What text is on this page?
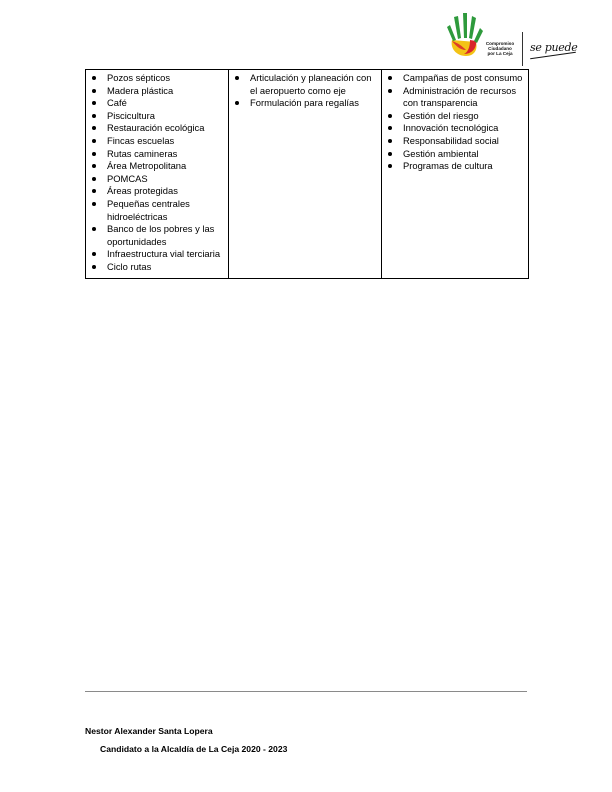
Compromiso
Ciudadano
por La Ceja	se puede
Pozos sépticos
Madera plástica
Café
Piscicultura
Restauración ecológica
Fincas escuelas
Rutas camineras
Área Metropolitana
POMCAS
Áreas protegidas
Pequeñas centrales hidroeléctricas
Banco de los pobres y las oportunidades
Infraestructura vial terciaria
Ciclo rutas

Articulación y planeación con el aeropuerto como eje
Formulación para regalías

Campañas de post consumo
Administración de recursos con transparencia
Gestión del riesgo
Innovación tecnológica
Responsabilidad social
Gestión ambiental
Programas de cultura
Nestor Alexander Santa Lopera
Candidato a la Alcaldía de La Ceja 2020 - 2023
